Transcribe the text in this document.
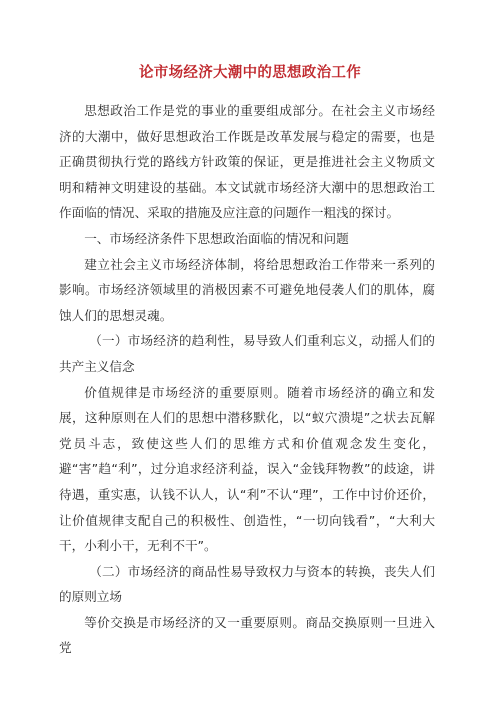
论市场经济大潮中的思想政治工作

思想政治工作是党的事业的重要组成部分。在社会主义市场经济的大潮中，做好思想政治工作既是改革发展与稳定的需要，也是正确贯彻执行党的路线方针政策的保证，更是推进社会主义物质文明和精神文明建设的基础。本文试就市场经济大潮中的思想政治工作面临的情况、采取的措施及应注意的问题作一粗浅的探讨。

一、市场经济条件下思想政治面临的情况和问题

建立社会主义市场经济体制，将给思想政治工作带来一系列的影响。市场经济领域里的消极因素不可避免地侵袭人们的肌体，腐蚀人们的思想灵魂。

（一）市场经济的趋利性，易导致人们重利忘义，动摇人们的共产主义信念

价值规律是市场经济的重要原则。随着市场经济的确立和发展，这种原则在人们的思想中潜移默化，以“蚁穴溃堤”之状去瓦解党员斗志，致使这些人们的思维方式和价值观念发生变化，避“害”趋“利”，过分追求经济利益，误入“金钱拜物教”的歧途，讲待遇，重实惠，认钱不认人，认“利”不认“理”，工作中讨价还价，让价值规律支配自己的积极性、创造性，“一切向钱看”，“大利大干，小利小干，无利不干”。

（二）市场经济的商品性易导致权力与资本的转换，丧失人们的原则立场

等价交换是市场经济的又一重要原则。商品交换原则一旦进入党
